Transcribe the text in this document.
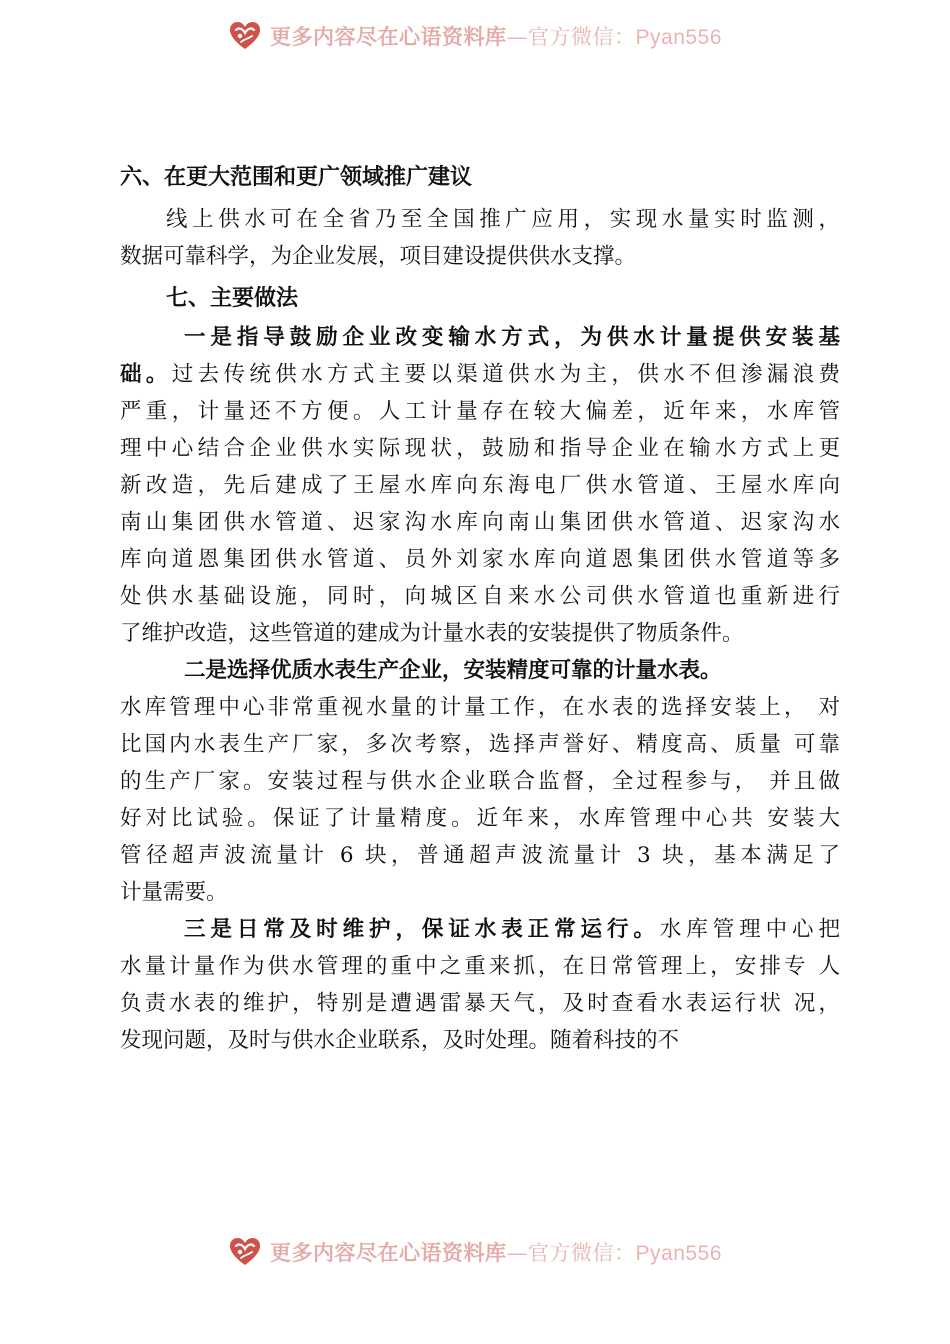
更多内容尽在心语资料库—官方微信：Pyan556
六、在更大范围和更广领域推广建议

线上供水可在全省乃至全国推广应用，实现水量实时监测，
数据可靠科学，为企业发展，项目建设提供供水支撑。

七、主要做法

一是指导鼓励企业改变输水方式，为供水计量提供安装基
础。过去传统供水方式主要以渠道供水为主，供水不但渗漏浪费
严重，计量还不方便。人工计量存在较大偏差，近年来，水库管
理中心结合企业供水实际现状，鼓励和指导企业在输水方式上更
新改造，先后建成了王屋水库向东海电厂供水管道、王屋水库向
南山集团供水管道、迟家沟水库向南山集团供水管道、迟家沟水
库向道恩集团供水管道、员外刘家水库向道恩集团供水管道等多
处供水基础设施，同时，向城区自来水公司供水管道也重新进行
了维护改造，这些管道的建成为计量水表的安装提供了物质条件。

二是选择优质水表生产企业，安装精度可靠的计量水表。
水库管理中心非常重视水量的计量工作，在水表的选择安装上， 对
比国内水表生产厂家，多次考察，选择声誉好、精度高、质量 可靠
的生产厂家。安装过程与供水企业联合监督，全过程参与， 并且做
好对比试验。保证了计量精度。近年来，水库管理中心共 安装大
管径超声波流量计 6 块，普通超声波流量计 3 块，基本满足了
计量需要。

三是日常及时维护，保证水表正常运行。水库管理中心把
水量计量作为供水管理的重中之重来抓，在日常管理上，安排专 人
负责水表的维护，特别是遭遇雷暴天气，及时查看水表运行状 况，
发现问题，及时与供水企业联系，及时处理。随着科技的不

更多内容尽在心语资料库—官方微信：Pyan556
